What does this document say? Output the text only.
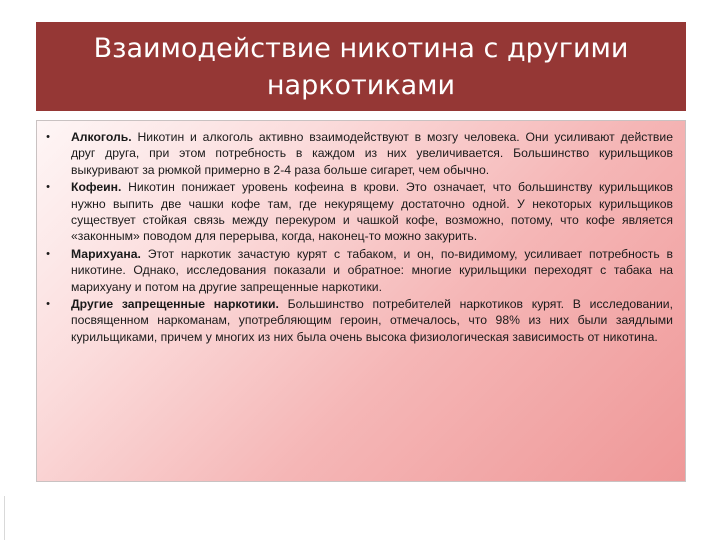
Взаимодействие никотина с другими наркотиками
• Алкоголь. Никотин и алкоголь активно взаимодействуют в мозгу человека. Они усиливают действие друг друга, при этом потребность в каждом из них увеличивается. Большинство курильщиков выкуривают за рюмкой примерно в 2-4 раза больше сигарет, чем обычно.
• Кофеин. Никотин понижает уровень кофеина в крови. Это означает, что большинству курильщиков нужно выпить две чашки кофе там, где некурящему достаточно одной. У некоторых курильщиков существует стойкая связь между перекуром и чашкой кофе, возможно, потому, что кофе является «законным» поводом для перерыва, когда, наконец-то можно закурить.
• Марихуана. Этот наркотик зачастую курят с табаком, и он, по-видимому, усиливает потребность в никотине. Однако, исследования показали и обратное: многие курильщики переходят с табака на марихуану и потом на другие запрещенные наркотики.
• Другие запрещенные наркотики. Большинство потребителей наркотиков курят. В исследовании, посвященном наркоманам, употребляющим героин, отмечалось, что 98% из них были заядлыми курильщиками, причем у многих из них была очень высока физиологическая зависимость от никотина.
